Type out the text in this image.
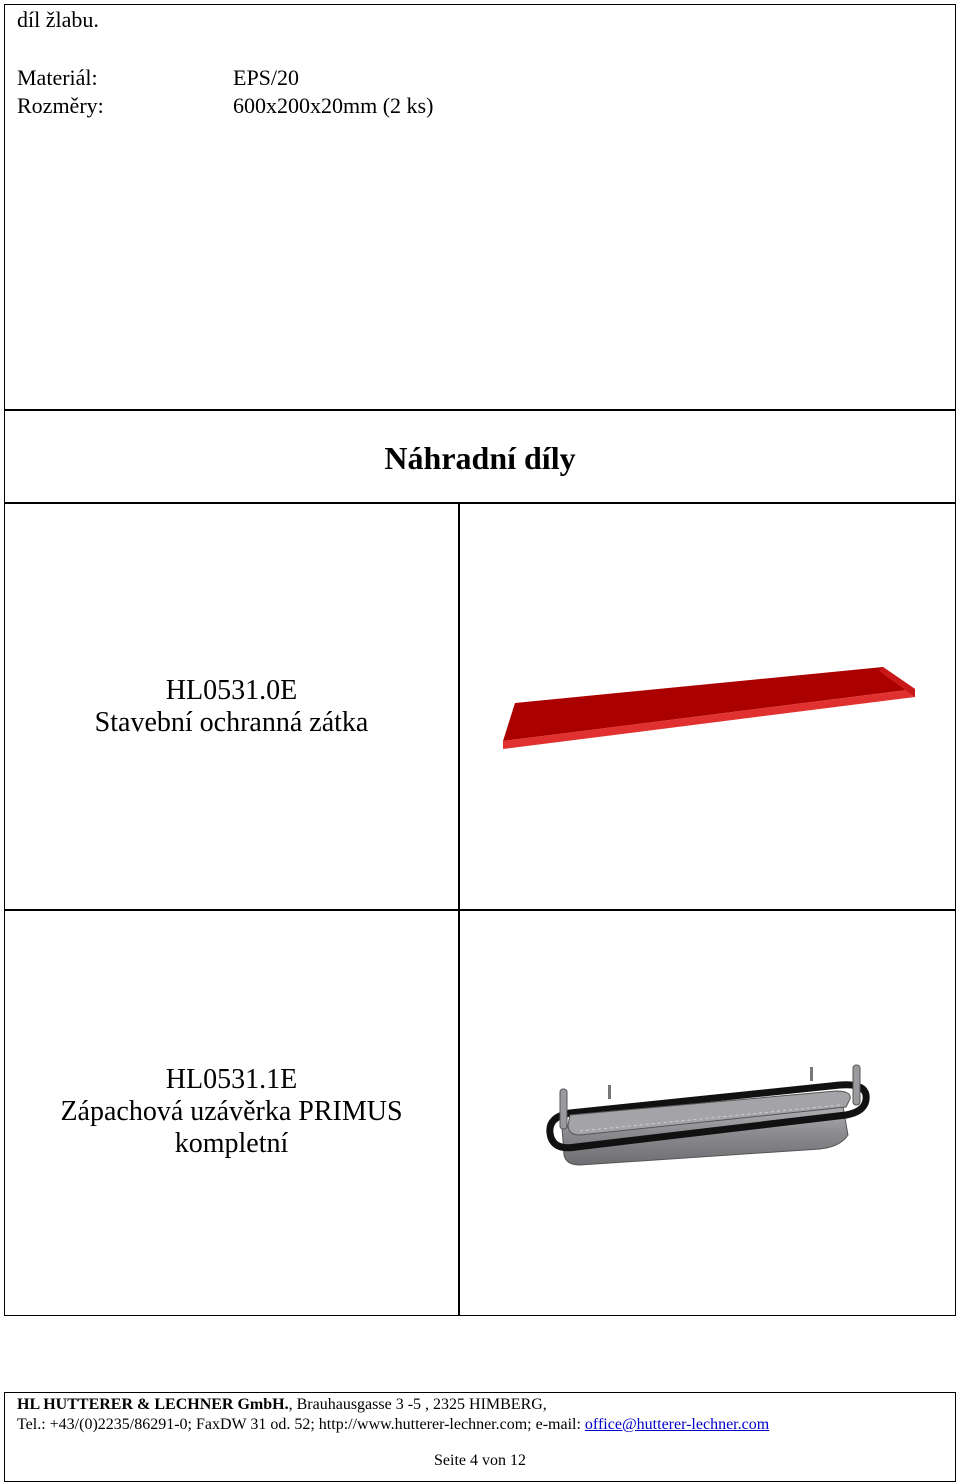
díl žlabu.
Materiál:	EPS/20
Rozměry:	600x200x20mm (2 ks)
Náhradní díly
HL0531.0E
Stavební ochranná zátka
HL0531.1E
Zápachová uzávěrka PRIMUS
kompletní
HL HUTTERER & LECHNER GmbH., Brauhausgasse 3 -5 , 2325 HIMBERG,
Tel.: +43/(0)2235/86291-0; FaxDW 31 od. 52; http://www.hutterer-lechner.com; e-mail: office@hutterer-lechner.com
Seite 4 von 12
